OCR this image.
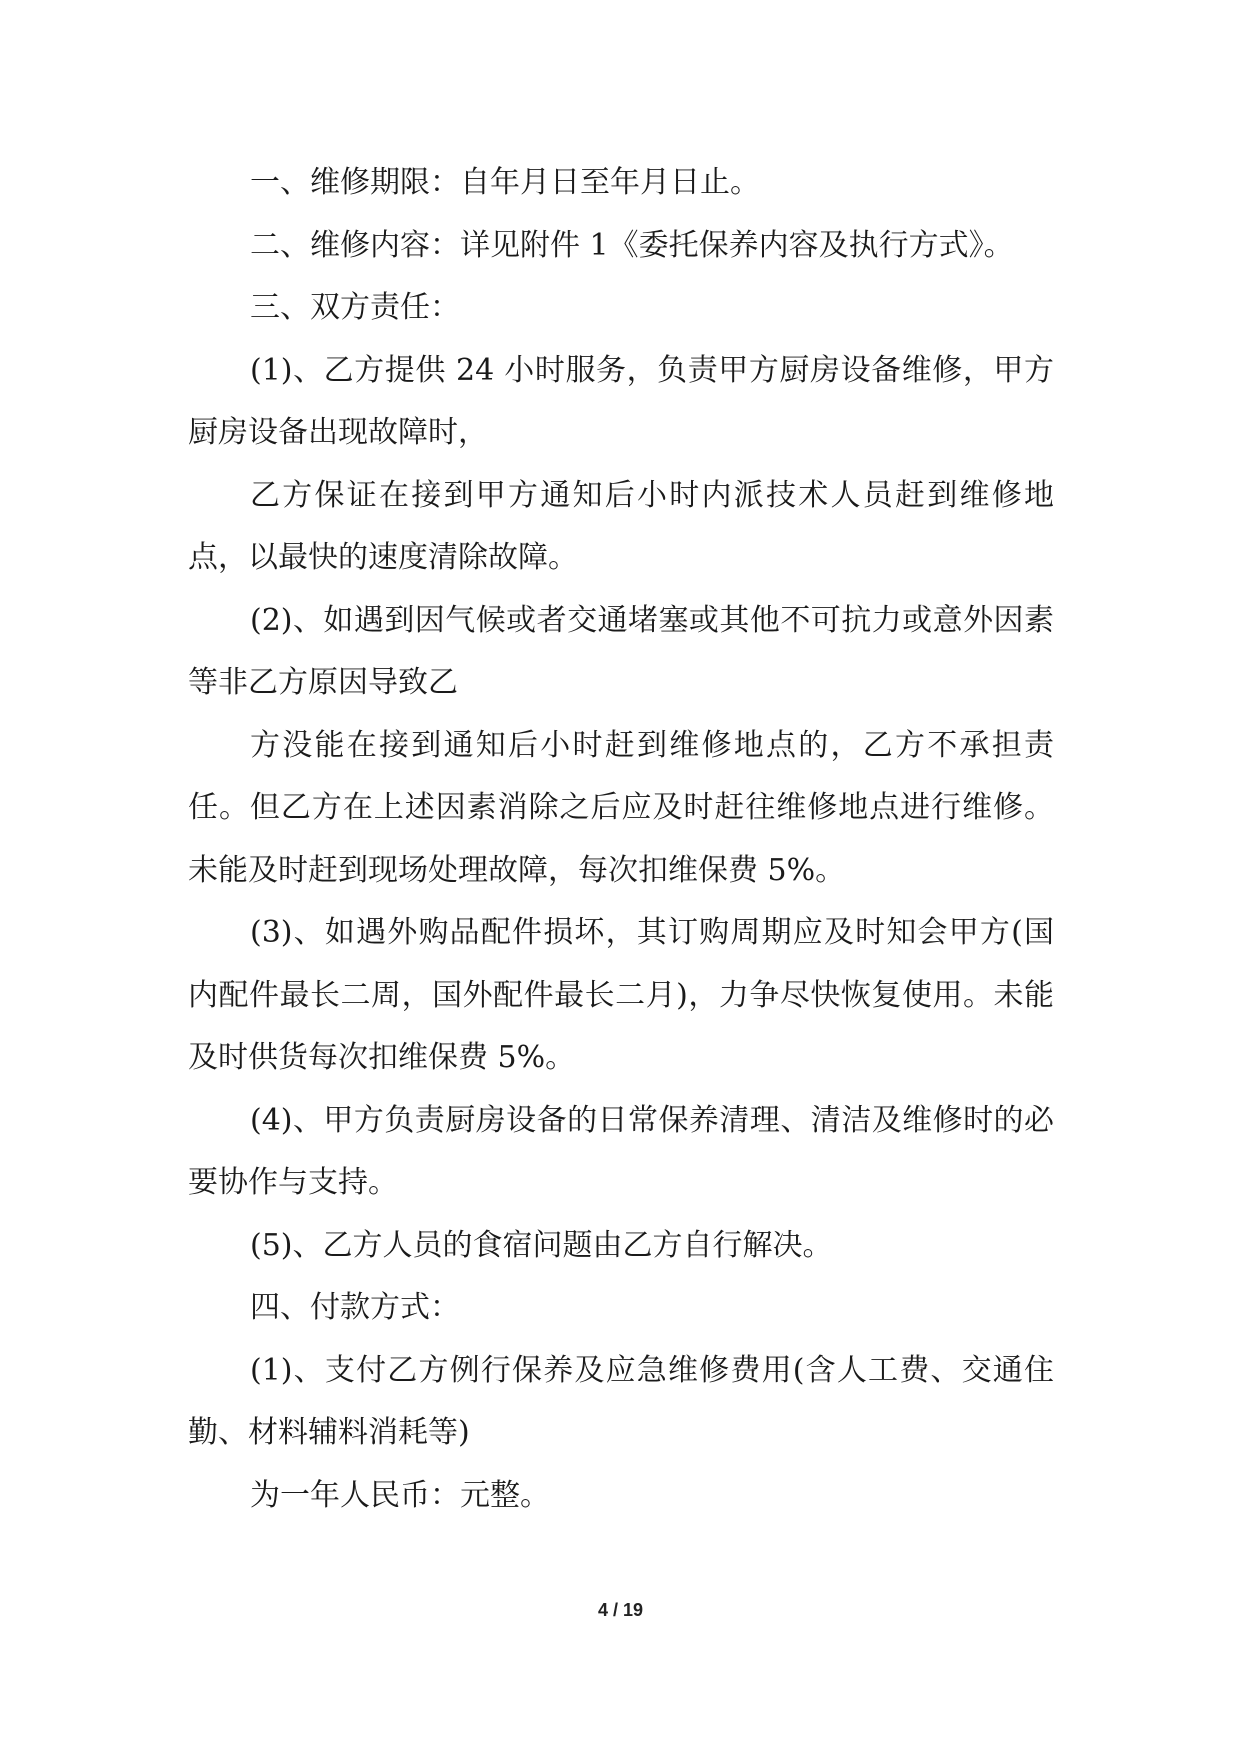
一、维修期限：自年月日至年月日止。

二、维修内容：详见附件 1《委托保养内容及执行方式》。

三、双方责任：

(1)、乙方提供 24 小时服务，负责甲方厨房设备维修，甲方厨房设备出现故障时，

乙方保证在接到甲方通知后小时内派技术人员赶到维修地点，以最快的速度清除故障。

(2)、如遇到因气候或者交通堵塞或其他不可抗力或意外因素等非乙方原因导致乙

方没能在接到通知后小时赶到维修地点的，乙方不承担责任。但乙方在上述因素消除之后应及时赶往维修地点进行维修。未能及时赶到现场处理故障，每次扣维保费 5%。

(3)、如遇外购品配件损坏，其订购周期应及时知会甲方(国内配件最长二周，国外配件最长二月)，力争尽快恢复使用。未能及时供货每次扣维保费 5%。

(4)、甲方负责厨房设备的日常保养清理、清洁及维修时的必要协作与支持。

(5)、乙方人员的食宿问题由乙方自行解决。

四、付款方式：

(1)、支付乙方例行保养及应急维修费用(含人工费、交通住勤、材料辅料消耗等)

为一年人民币：元整。

4 / 19
